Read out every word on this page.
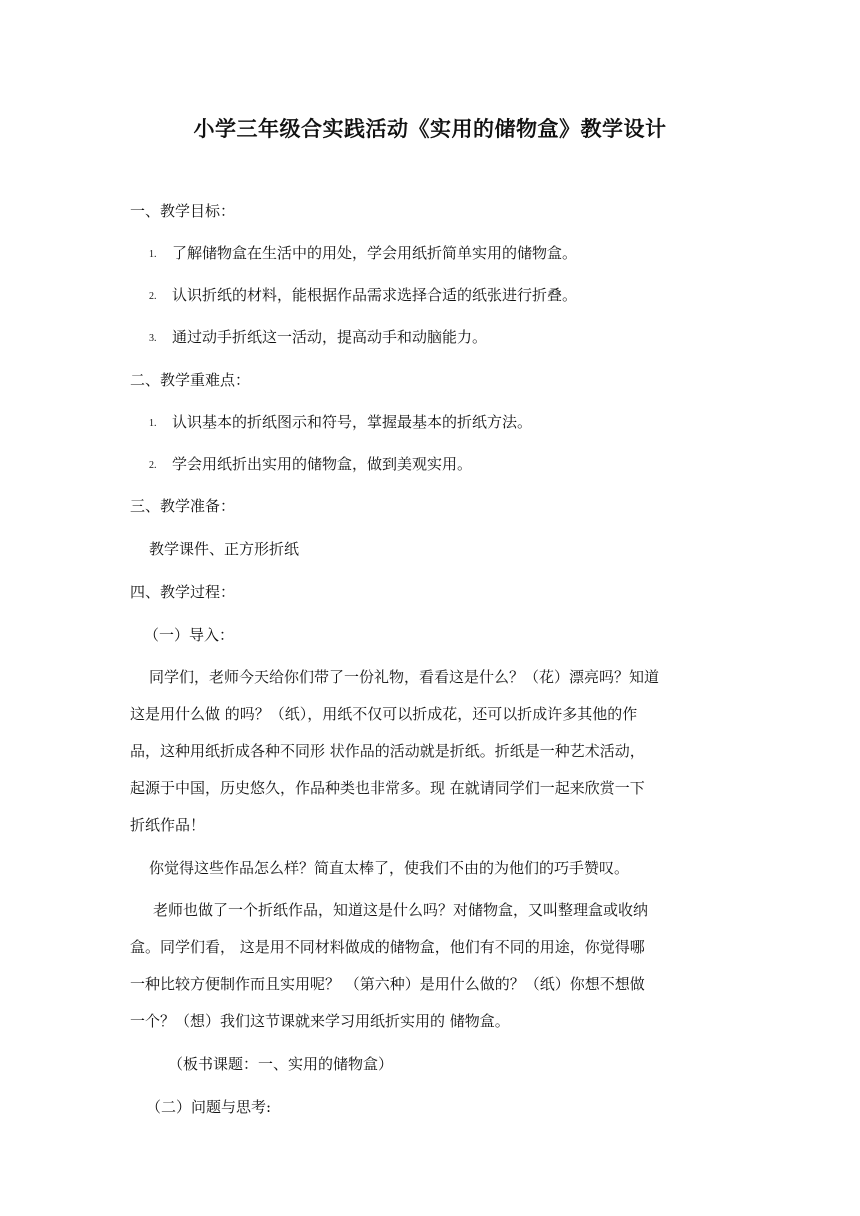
小学三年级合实践活动《实用的储物盒》教学设计
一、教学目标：
1. 了解储物盒在生活中的用处，学会用纸折简单实用的储物盒。
2. 认识折纸的材料，能根据作品需求选择合适的纸张进行折叠。
3. 通过动手折纸这一活动，提高动手和动脑能力。
二、教学重难点：
1. 认识基本的折纸图示和符号，掌握最基本的折纸方法。
2. 学会用纸折出实用的储物盒，做到美观实用。
三、教学准备：
教学课件、正方形折纸
四、教学过程：
（一）导入：
同学们，老师今天给你们带了一份礼物，看看这是什么？（花）漂亮吗？知道
这是用什么做 的吗？（纸），用纸不仅可以折成花，还可以折成许多其他的作
品，这种用纸折成各种不同形 状作品的活动就是折纸。折纸是一种艺术活动，
起源于中国，历史悠久，作品种类也非常多。现 在就请同学们一起来欣赏一下
折纸作品！
你觉得这些作品怎么样？简直太棒了，使我们不由的为他们的巧手赞叹。
老师也做了一个折纸作品，知道这是什么吗？对储物盒，又叫整理盒或收纳
盒。同学们看， 这是用不同材料做成的储物盒，他们有不同的用途，你觉得哪
一种比较方便制作而且实用呢？ （第六种）是用什么做的？（纸）你想不想做
一个？（想）我们这节课就来学习用纸折实用的 储物盒。
（板书课题：一、实用的储物盒）
（二）问题与思考:
